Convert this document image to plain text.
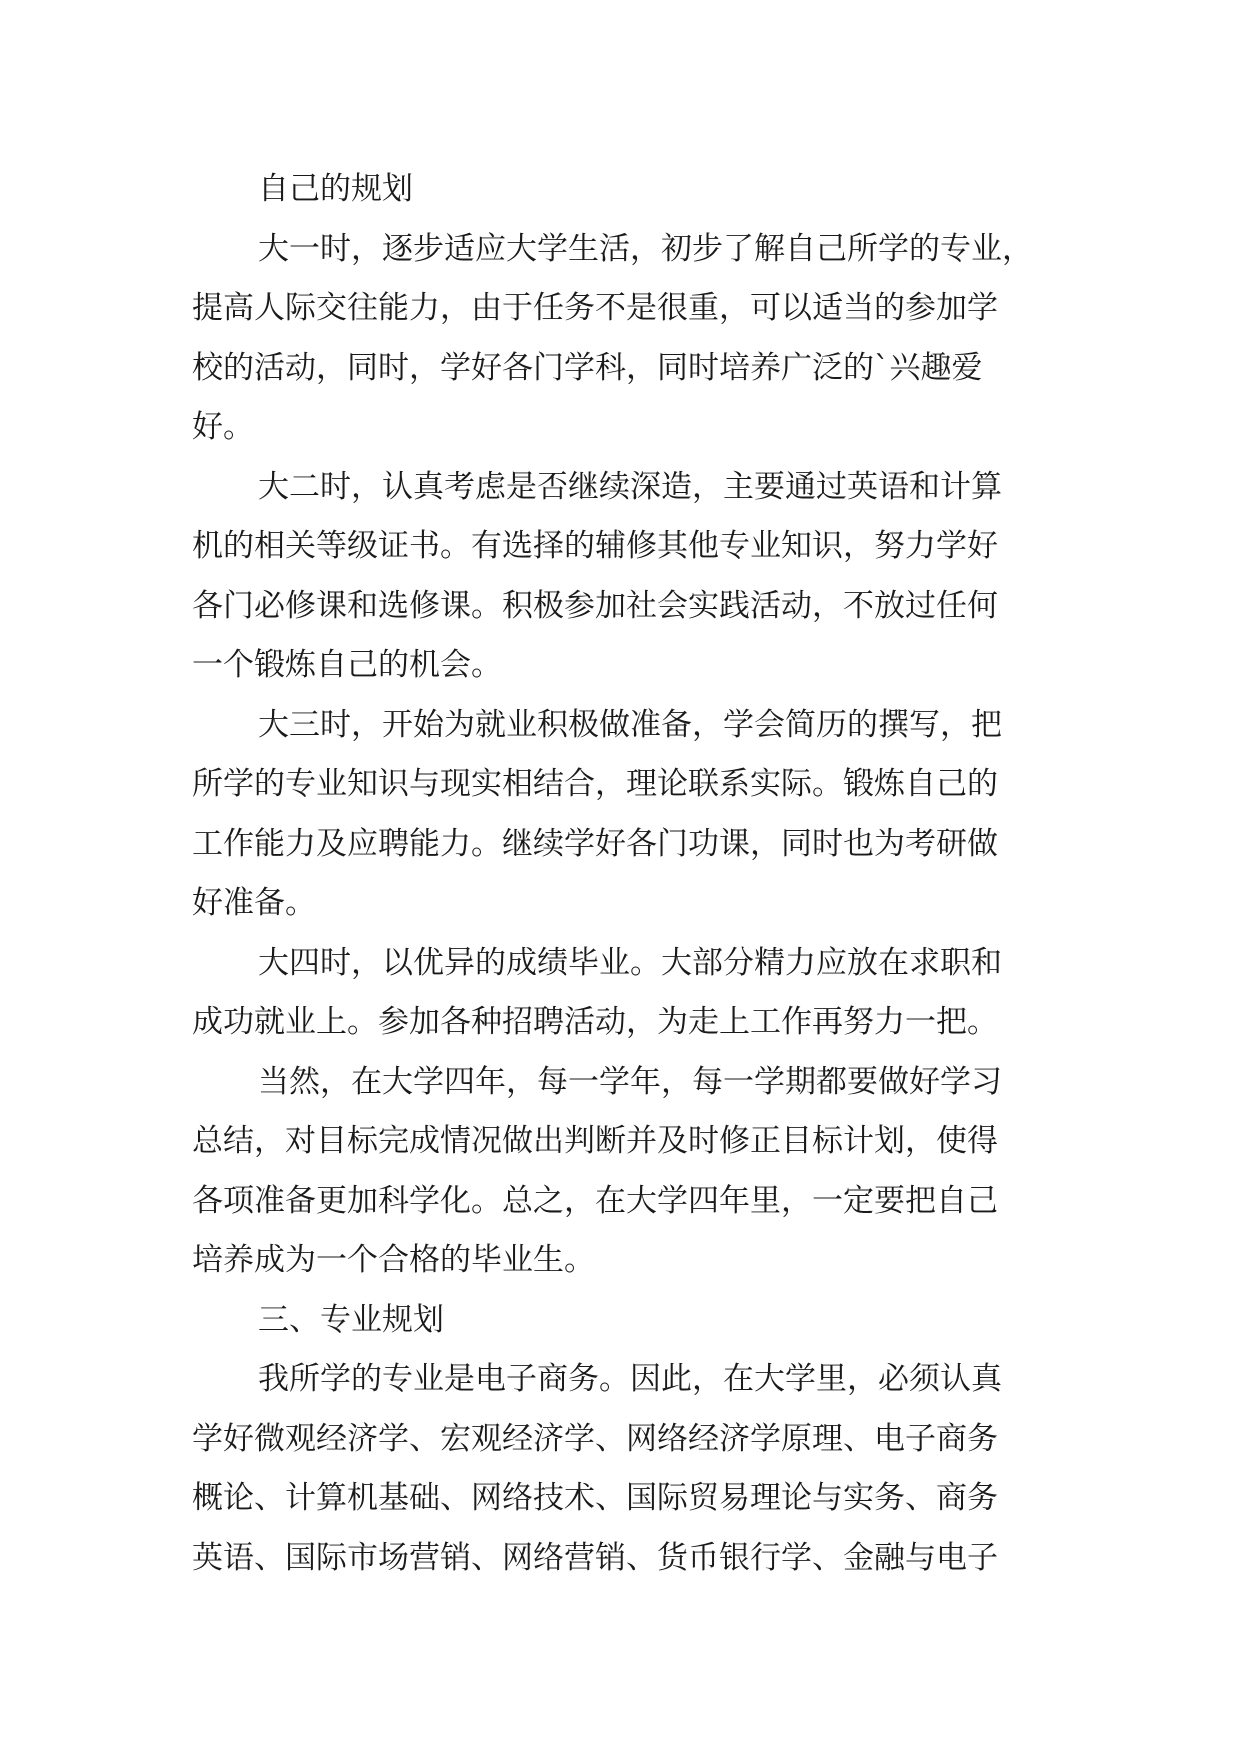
自己的规划
大一时，逐步适应大学生活，初步了解自己所学的专业，
提高人际交往能力，由于任务不是很重，可以适当的参加学
校的活动，同时，学好各门学科，同时培养广泛的`兴趣爱
好。
大二时，认真考虑是否继续深造，主要通过英语和计算
机的相关等级证书。有选择的辅修其他专业知识，努力学好
各门必修课和选修课。积极参加社会实践活动，不放过任何
一个锻炼自己的机会。
大三时，开始为就业积极做准备，学会简历的撰写，把
所学的专业知识与现实相结合，理论联系实际。锻炼自己的
工作能力及应聘能力。继续学好各门功课，同时也为考研做
好准备。
大四时，以优异的成绩毕业。大部分精力应放在求职和
成功就业上。参加各种招聘活动，为走上工作再努力一把。
当然，在大学四年，每一学年，每一学期都要做好学习
总结，对目标完成情况做出判断并及时修正目标计划，使得
各项准备更加科学化。总之，在大学四年里，一定要把自己
培养成为一个合格的毕业生。
三、专业规划
我所学的专业是电子商务。因此，在大学里，必须认真
学好微观经济学、宏观经济学、网络经济学原理、电子商务
概论、计算机基础、网络技术、国际贸易理论与实务、商务
英语、国际市场营销、网络营销、货币银行学、金融与电子
